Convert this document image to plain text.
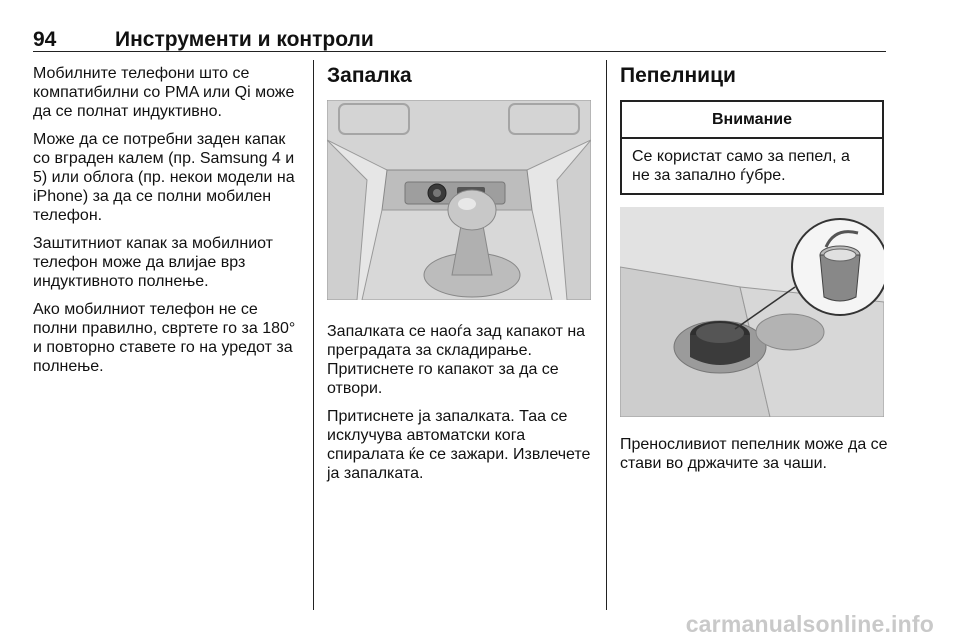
94	Инструменти и контроли

Мобилните телефони што се компатибилни со PMA или Qi може да се полнат индуктивно.

Може да се потребни заден капак со вграден калем (пр. Samsung 4 и 5) или облога (пр. некои модели на iPhone) за да се полни мобилен телефон.

Заштитниот капак за мобилниот телефон може да влијае врз индуктивното полнење.

Ако мобилниот телефон не се полни правилно, свртете го за 180° и повторно ставете го на уредот за полнење.

Запалка

Запалката се наоѓа зад капакот на преградата за складирање. Притиснете го капакот за да се отвори.

Притиснете ја запалката. Таа се исклучува автоматски кога спиралата ќе се зажари. Извлечете ја запалката.

Пепелници
Внимание
Се користат само за пепел, а не за запално ѓубре.

Преносливиот пепелник може да се стави во држачите за чаши.

carmanualsonline.info
